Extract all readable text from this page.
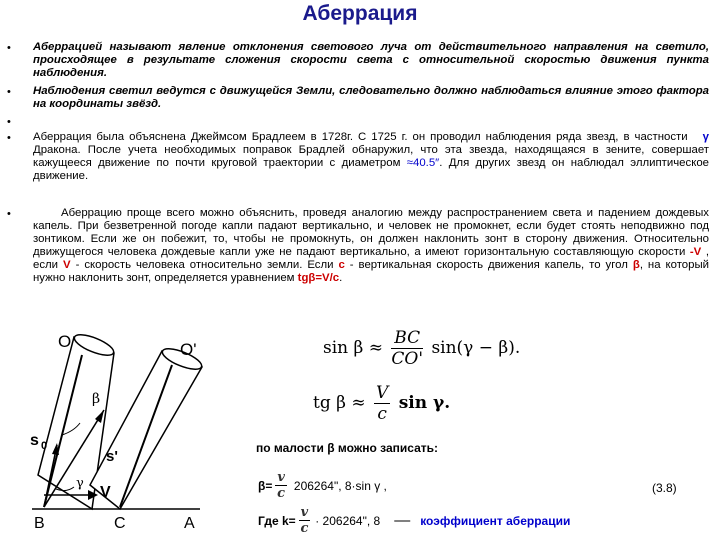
Аберрация
•
•
•
•
•
Аберрацией называют явление отклонения светового луча от действительного направления на светило, происходящее в результате сложения скорости света с относительной скоростью движения пункта наблюдения.
Наблюдения светил ведутся с движущейся Земли, следовательно должно наблюдаться влияние этого фактора на координаты звёзд.
Аберрация была объяснена Джеймсом Брадлеем в 1728г. С 1725 г. он проводил наблюдения ряда звезд, в частности γ Дракона. После учета необходимых поправок Брадлей обнаружил, что эта звезда, находящаяся в зените, совершает кажущееся движение по почти круговой траектории с диаметром ≈40.5″. Для других звезд он наблюдал эллиптическое движение.
Аберрацию проще всего можно объяснить, проведя аналогию между распространением света и падением дождевых капель. При безветренной погоде капли падают вертикально, и человек не промокнет, если будет стоять неподвижно под зонтиком. Если же он побежит, то, чтобы не промокнуть, он должен наклонить зонт в сторону движения. Относительно движущегося человека дождевые капли уже не падают вертикально, а имеют горизонтальную составляющую скорости -V , если V - скорость человека относительно земли. Если c - вертикальная скорость движения капель, то угол β, на который нужно наклонить зонт, определяется уравнением tgβ=V/c.
O	O'
β
s 0
s'
γ
V
B	C	A
$\sin \beta \approx \frac{BC}{CO'} \sin(\gamma - \beta)$.
tg $\beta \approx \frac{V}{c}$ sin γ.
по малости β можно записать:
$\beta= \frac{v}{c} 206264$", 8·sin γ ,	(3.8)
Где $k= \frac{v}{c} \cdot 206264$", 8 — коэффициент аберрации
